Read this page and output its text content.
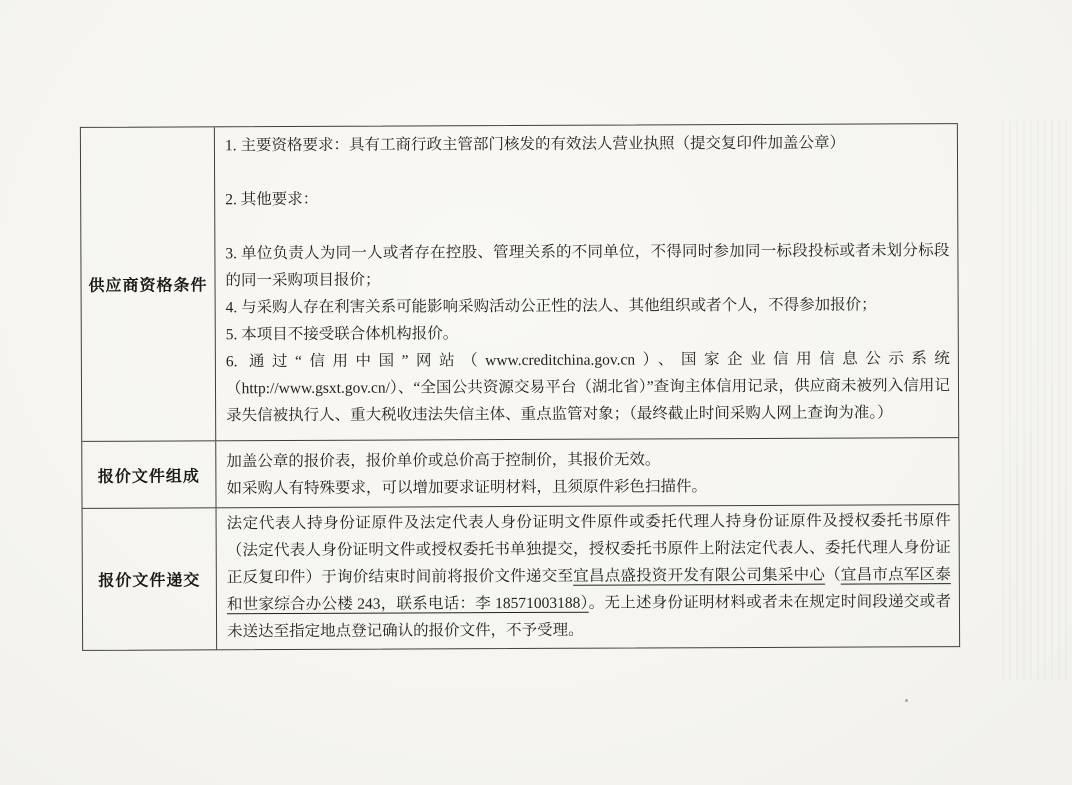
供应商资格条件
1. 主要资格要求：具有工商行政主管部门核发的有效法人营业执照（提交复印件加盖公章）
2. 其他要求：
3. 单位负责人为同一人或者存在控股、管理关系的不同单位，不得同时参加同一标段投标或者未划分标段的同一采购项目报价；
4. 与采购人存在利害关系可能影响采购活动公正性的法人、其他组织或者个人，不得参加报价；
5. 本项目不接受联合体机构报价。
6. 通过“信用中国”网站（www.creditchina.gov.cn）、国家企业信用信息公示系统（http://www.gsxt.gov.cn/）、“全国公共资源交易平台（湖北省）”查询主体信用记录，供应商未被列入信用记录失信被执行人、重大税收违法失信主体、重点监管对象；（最终截止时间采购人网上查询为准。）
报价文件组成
加盖公章的报价表，报价单价或总价高于控制价，其报价无效。
如采购人有特殊要求，可以增加要求证明材料，且须原件彩色扫描件。
报价文件递交
法定代表人持身份证原件及法定代表人身份证明文件原件或委托代理人持身份证原件及授权委托书原件（法定代表人身份证明文件或授权委托书单独提交，授权委托书原件上附法定代表人、委托代理人身份证正反复印件）于询价结束时间前将报价文件递交至宜昌点盛投资开发有限公司集采中心（宜昌市点军区泰和世家综合办公楼 243，联系电话：李 18571003188）。无上述身份证明材料或者未在规定时间段递交或者未送达至指定地点登记确认的报价文件，不予受理。
